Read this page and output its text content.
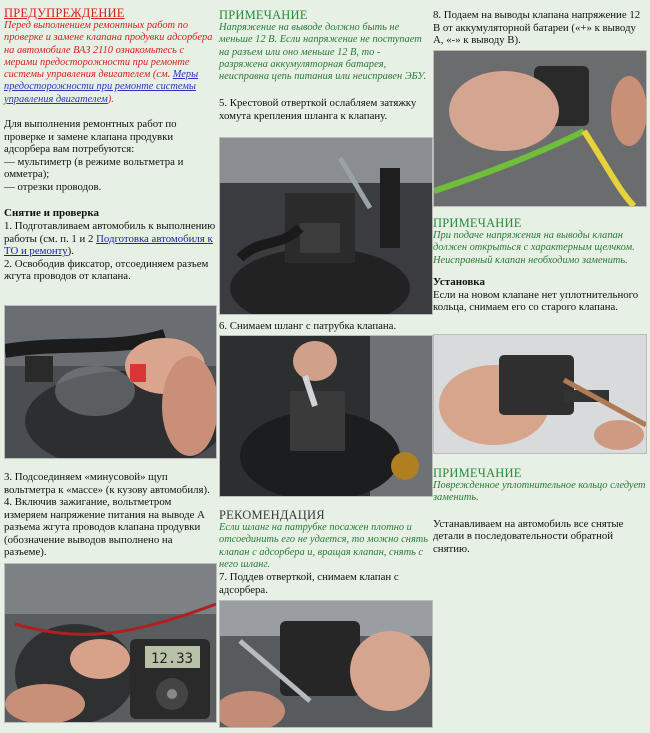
ПРЕДУПРЕЖДЕНИЕ

Перед выполнением ремонтных работ по проверке и замене клапана продувки адсорбера на автомобиле ВАЗ 2110 ознакомьтесь с мерами предосторожности при ремонте системы управления двигателем (см. Меры предосторожности при ремонте системы управления двигателем).

Для выполнения ремонтных работ по проверке и замене клапана продувки адсорбера вам потребуются:

— мультиметр (в режиме вольтметра и омметра);

— отрезки проводов.

Снятие и проверка

1. Подготавливаем автомобиль к выполнению работы (см. п. 1 и 2 Подготовка автомобиля к ТО и ремонту).

2. Освободив фиксатор, отсоединяем разъем жгута проводов от клапана.

3. Подсоединяем «минусовой» щуп вольтметра к «массе» (к кузову автомобиля).

4. Включив зажигание, вольтметром измеряем напряжение питания на выводе А разъема жгута проводов клапана продувки (обозначение выводов выполнено на разъеме).

12.33

ПРИМЕЧАНИЕ

Напряжение на выводе должно быть не меньше 12 В. Если напряжение не поступает на разъем или оно меньше 12 В, то - разряжена аккумуляторная батарея, неисправна цепь питания или неисправен ЭБУ.

5. Крестовой отверткой ослабляем затяжку хомута крепления шланга к клапану.

6. Снимаем шланг с патрубка клапана.

РЕКОМЕНДАЦИЯ

Если шланг на патрубке посажен плотно и отсоединить его не удается, то можно снять клапан с адсорбера и, вращая клапан, снять с него шланг.

7. Поддев отверткой, снимаем клапан с адсорбера.

8. Подаем на выводы клапана напряжение 12 В от аккумуляторной батареи («+» к выводу А, «-» к выводу В).

ПРИМЕЧАНИЕ

При подаче напряжения на выводы клапан должен открыться с характерным щелчком. Неисправный клапан необходимо заменить.

Установка

Если на новом клапане нет уплотнительного кольца, снимаем его со старого клапана.

ПРИМЕЧАНИЕ

Поврежденное уплотнительное кольцо следует заменить.

Устанавливаем на автомобиль все снятые детали в последовательности обратной снятию.
